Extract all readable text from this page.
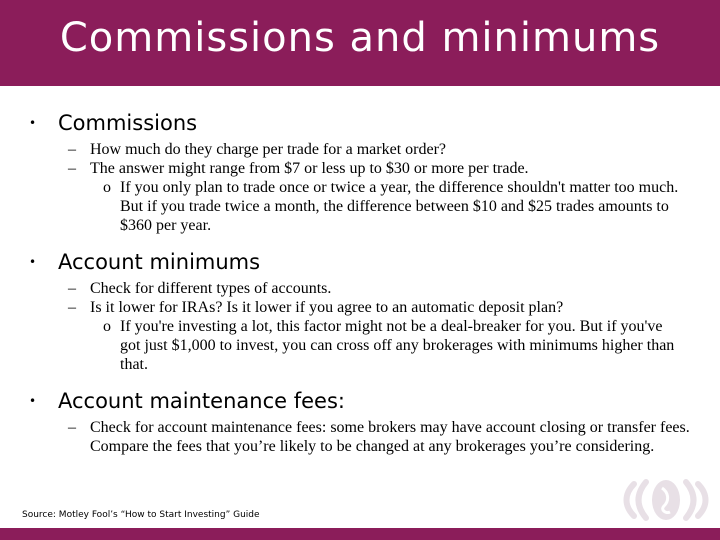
Commissions and minimums
• Commissions
– How much do they charge per trade for a market order?
– The answer might range from $7 or less up to $30 or more per trade.
o If you only plan to trade once or twice a year, the difference shouldn't matter too much. But if you trade twice a month, the difference between $10 and $25 trades amounts to $360 per year.
• Account minimums
– Check for different types of accounts.
– Is it lower for IRAs? Is it lower if you agree to an automatic deposit plan?
o If you're investing a lot, this factor might not be a deal-breaker for you. But if you've got just $1,000 to invest, you can cross off any brokerages with minimums higher than that.
• Account maintenance fees:
– Check for account maintenance fees: some brokers may have account closing or transfer fees. Compare the fees that you’re likely to be changed at any brokerages you’re considering.
Source: Motley Fool’s “How to Start Investing” Guide
